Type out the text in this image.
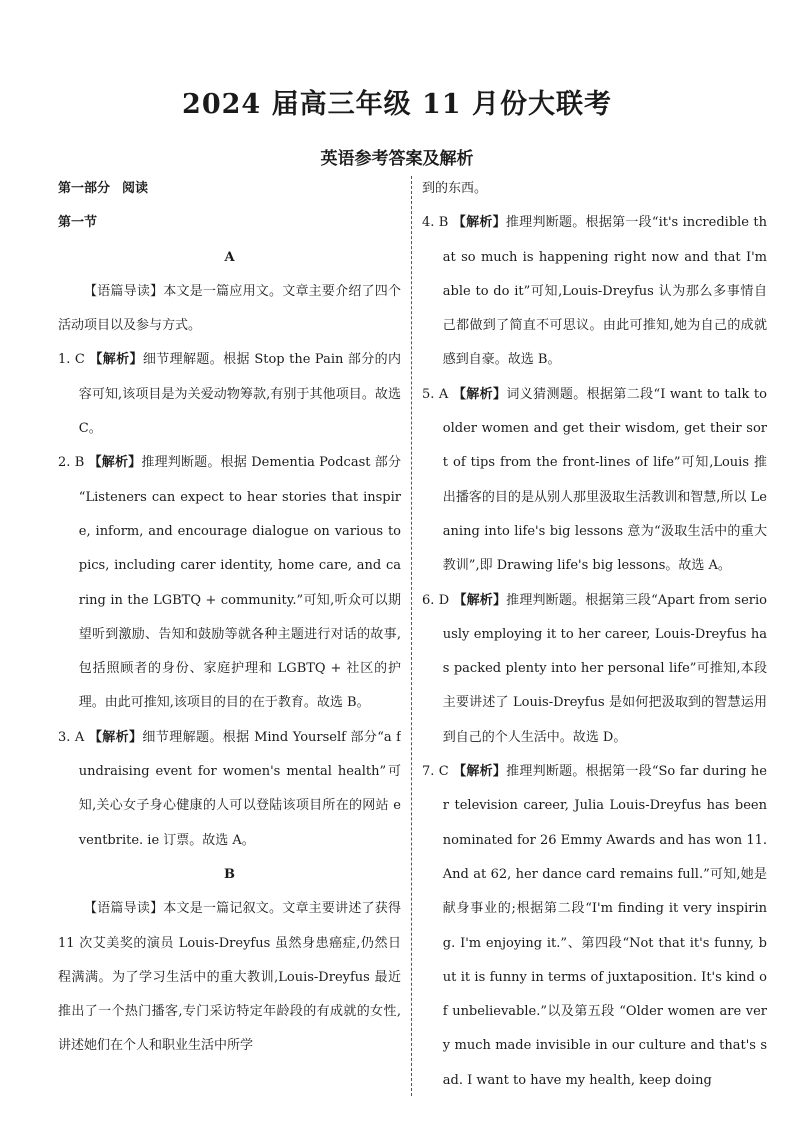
2024 届高三年级 11 月份大联考
英语参考答案及解析
第一部分 阅读
第一节
A
【语篇导读】本文是一篇应用文。文章主要介绍了四个活动项目以及参与方式。
1. C 【解析】细节理解题。根据 Stop the Pain 部分的内容可知,该项目是为关爱动物筹款,有别于其他项目。故选 C。
2. B 【解析】推理判断题。根据 Dementia Podcast 部分 “Listeners can expect to hear stories that inspire, inform, and encourage dialogue on various topics, including carer identity, home care, and caring in the LGBTQ + community.”可知,听众可以期望听到激励、告知和鼓励等就各种主题进行对话的故事,包括照顾者的身份、家庭护理和 LGBTQ + 社区的护理。由此可推知,该项目的目的在于教育。故选 B。
3. A 【解析】细节理解题。根据 Mind Yourself 部分“a fundraising event for women's mental health”可知,关心女子身心健康的人可以登陆该项目所在的网站 eventbrite. ie 订票。故选 A。
B
【语篇导读】本文是一篇记叙文。文章主要讲述了获得 11 次艾美奖的演员 Louis-Dreyfus 虽然身患癌症,仍然日程满满。为了学习生活中的重大教训,Louis-Dreyfus 最近推出了一个热门播客,专门采访特定年龄段的有成就的女性,讲述她们在个人和职业生活中所学
到的东西。
4. B 【解析】推理判断题。根据第一段“it's incredible that so much is happening right now and that I'm able to do it”可知,Louis-Dreyfus 认为那么多事情自己都做到了简直不可思议。由此可推知,她为自己的成就感到自豪。故选 B。
5. A 【解析】词义猜测题。根据第二段“I want to talk to older women and get their wisdom, get their sort of tips from the front-lines of life”可知,Louis 推出播客的目的是从别人那里汲取生活教训和智慧,所以 Leaning into life's big lessons 意为“汲取生活中的重大教训”,即 Drawing life's big lessons。故选 A。
6. D 【解析】推理判断题。根据第三段“Apart from seriously employing it to her career, Louis-Dreyfus has packed plenty into her personal life”可推知,本段主要讲述了 Louis-Dreyfus 是如何把汲取到的智慧运用到自己的个人生活中。故选 D。
7. C 【解析】推理判断题。根据第一段“So far during her television career, Julia Louis-Dreyfus has been nominated for 26 Emmy Awards and has won 11. And at 62, her dance card remains full.”可知,她是献身事业的;根据第二段“I'm finding it very inspiring. I'm enjoying it.”、第四段“Not that it's funny, but it is funny in terms of juxtaposition. It's kind of unbelievable.”以及第五段 “Older women are very much made invisible in our culture and that's sad. I want to have my health, keep doing
